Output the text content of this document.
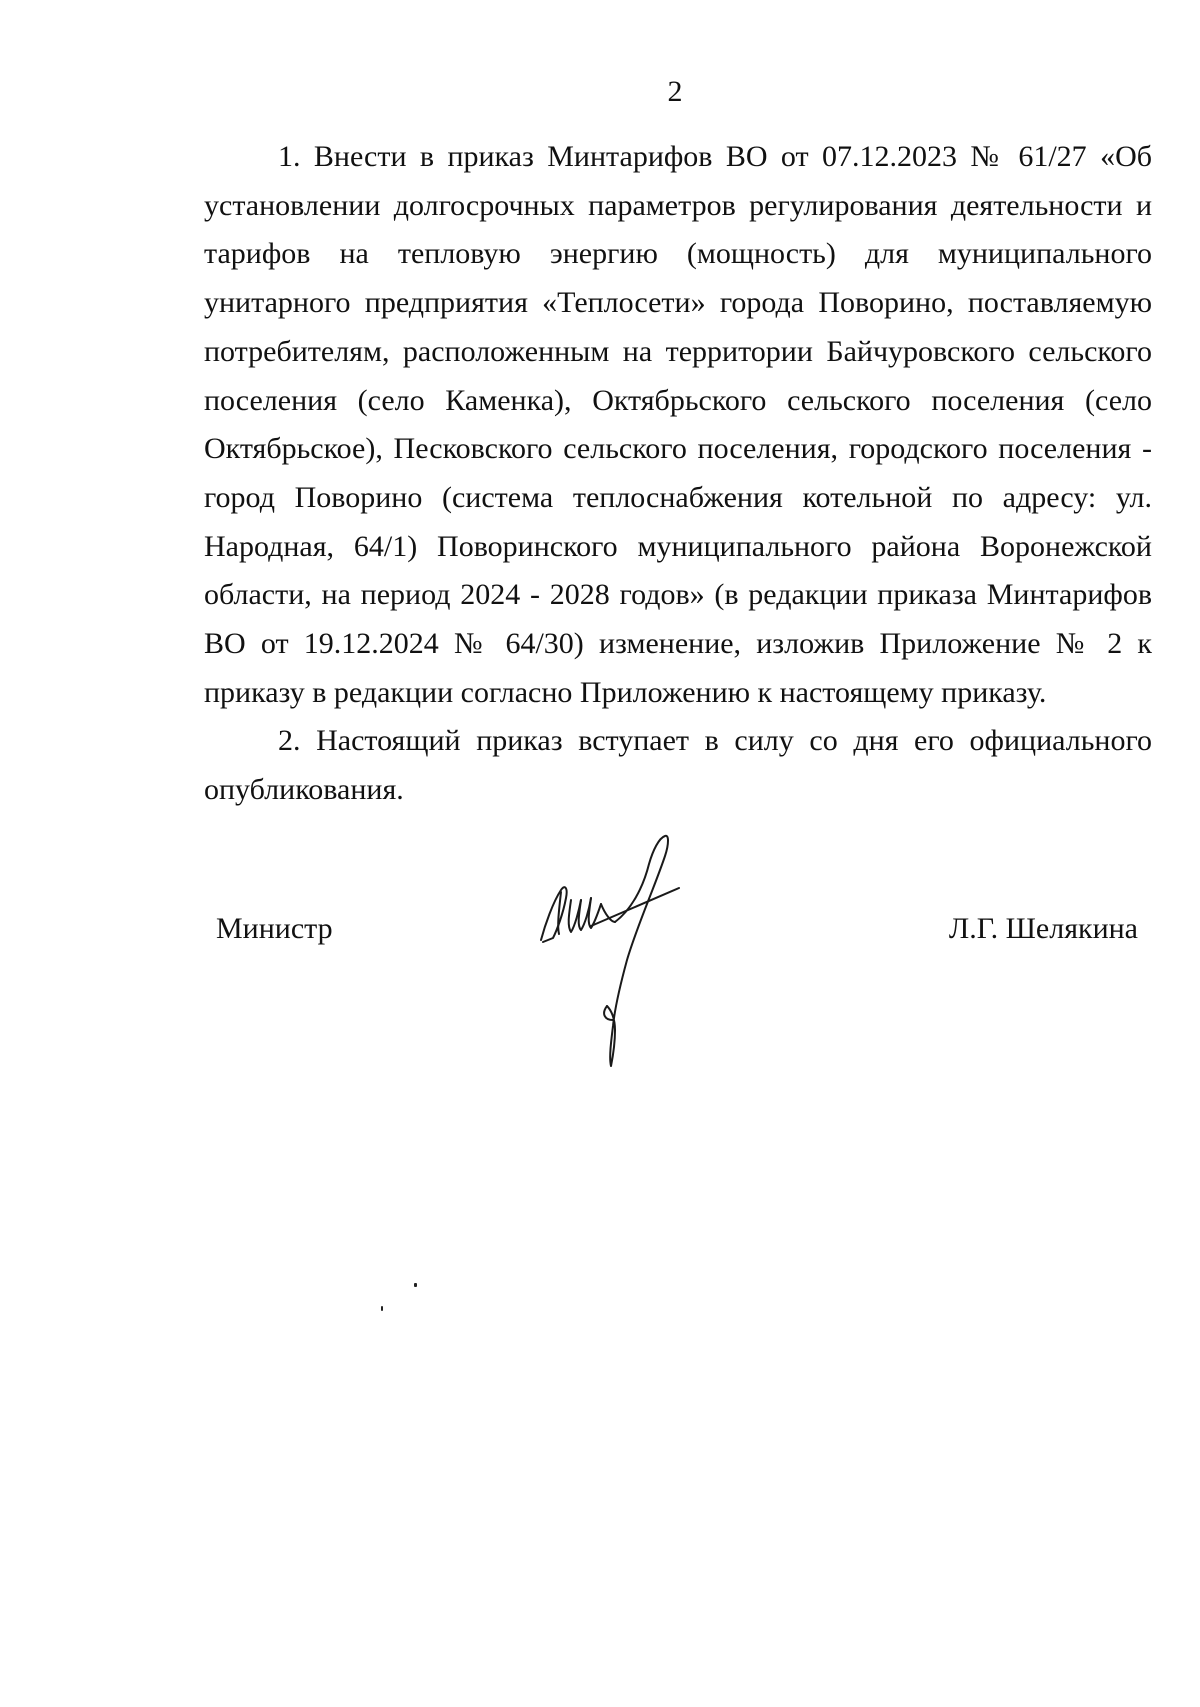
2

1. Внести в приказ Минтарифов ВО от 07.12.2023 № 61/27 «Об установлении долгосрочных параметров регулирования деятельности и тарифов на тепловую энергию (мощность) для муниципального унитарного предприятия «Теплосети» города Поворино, поставляемую потребителям, расположенным на территории Байчуровского сельского поселения (село Каменка), Октябрьского сельского поселения (село Октябрьское), Песковского сельского поселения, городского поселения - город Поворино (система теплоснабжения котельной по адресу: ул. Народная, 64/1) Поворинского муниципального района Воронежской области, на период 2024 - 2028 годов» (в редакции приказа Минтарифов ВО от 19.12.2024 № 64/30) изменение, изложив Приложение № 2 к приказу в редакции согласно Приложению к настоящему приказу.

2. Настоящий приказ вступает в силу со дня его официального опубликования.

Министр	Л.Г. Шелякина
